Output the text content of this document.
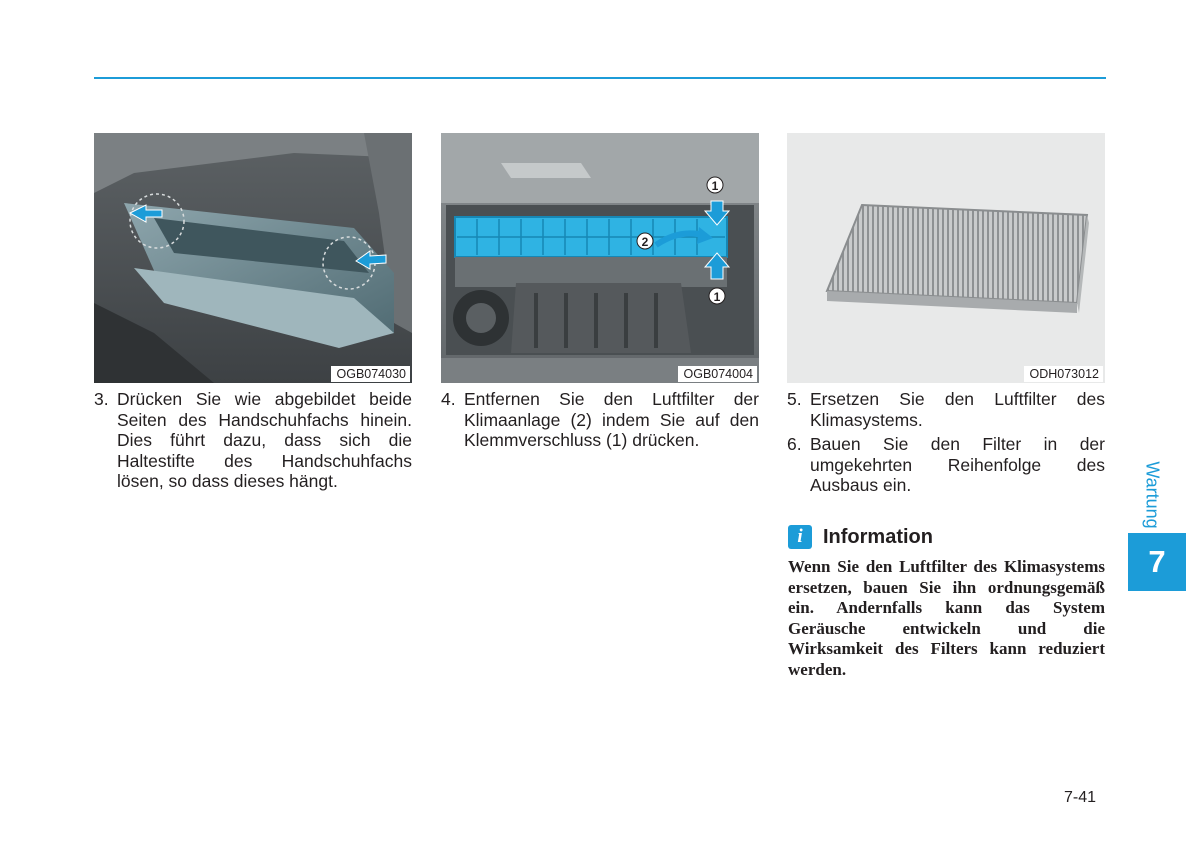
OGB074030
1
1
2
OGB074004	ODH073012
3. Drücken Sie wie abgebildet beide Seiten des Handschuhfachs hinein. Dies führt dazu, dass sich die Haltestifte des Handschuhfachs lösen, so dass dieses hängt.
4. Entfernen Sie den Luftfilter der Klimaanlage (2) indem Sie auf den Klemmverschluss (1) drücken.
5. Ersetzen Sie den Luftfilter des Klimasystems.
6. Bauen Sie den Filter in der umgekehrten Reihenfolge des Ausbaus ein.
i	Information

Wenn Sie den Luftfilter des Klimasystems ersetzen, bauen Sie ihn ordnungsgemäß ein. Andernfalls kann das System Geräusche entwickeln und die Wirksamkeit des Filters kann reduziert werden.

Wartung
7
7-41
